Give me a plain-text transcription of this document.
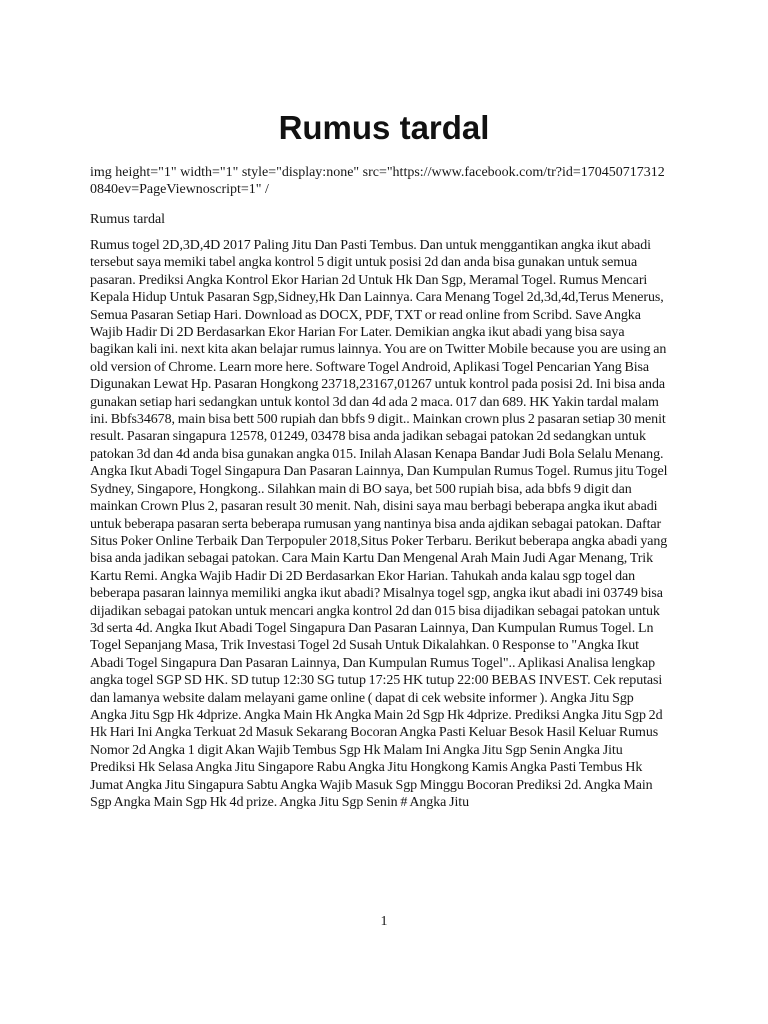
Rumus tardal

img height="1" width="1" style="display:none" src="https://www.facebook.com/tr?id=1704507173120840ev=PageViewnoscript=1" /

Rumus tardal

Rumus togel 2D,3D,4D 2017 Paling Jitu Dan Pasti Tembus. Dan untuk menggantikan angka ikut abadi tersebut saya memiki tabel angka kontrol 5 digit untuk posisi 2d dan anda bisa gunakan untuk semua pasaran. Prediksi Angka Kontrol Ekor Harian 2d Untuk Hk Dan Sgp, Meramal Togel. Rumus Mencari Kepala Hidup Untuk Pasaran Sgp,Sidney,Hk Dan Lainnya. Cara Menang Togel 2d,3d,4d,Terus Menerus, Semua Pasaran Setiap Hari. Download as DOCX, PDF, TXT or read online from Scribd. Save Angka Wajib Hadir Di 2D Berdasarkan Ekor Harian For Later. Demikian angka ikut abadi yang bisa saya bagikan kali ini. next kita akan belajar rumus lainnya. You are on Twitter Mobile because you are using an old version of Chrome. Learn more here. Software Togel Android, Aplikasi Togel Pencarian Yang Bisa Digunakan Lewat Hp. Pasaran Hongkong 23718,23167,01267 untuk kontrol pada posisi 2d. Ini bisa anda gunakan setiap hari sedangkan untuk kontol 3d dan 4d ada 2 maca. 017 dan 689. HK Yakin tardal malam ini. Bbfs34678, main bisa bett 500 rupiah dan bbfs 9 digit.. Mainkan crown plus 2 pasaran setiap 30 menit result. Pasaran singapura 12578, 01249, 03478 bisa anda jadikan sebagai patokan 2d sedangkan untuk patokan 3d dan 4d anda bisa gunakan angka 015. Inilah Alasan Kenapa Bandar Judi Bola Selalu Menang. Angka Ikut Abadi Togel Singapura Dan Pasaran Lainnya, Dan Kumpulan Rumus Togel. Rumus jitu Togel Sydney, Singapore, Hongkong.. Silahkan main di BO saya, bet 500 rupiah bisa, ada bbfs 9 digit dan mainkan Crown Plus 2, pasaran result 30 menit. Nah, disini saya mau berbagi beberapa angka ikut abadi untuk beberapa pasaran serta beberapa rumusan yang nantinya bisa anda ajdikan sebagai patokan. Daftar Situs Poker Online Terbaik Dan Terpopuler 2018,Situs Poker Terbaru. Berikut beberapa angka abadi yang bisa anda jadikan sebagai patokan. Cara Main Kartu Dan Mengenal Arah Main Judi Agar Menang, Trik Kartu Remi. Angka Wajib Hadir Di 2D Berdasarkan Ekor Harian. Tahukah anda kalau sgp togel dan beberapa pasaran lainnya memiliki angka ikut abadi? Misalnya togel sgp, angka ikut abadi ini 03749 bisa dijadikan sebagai patokan untuk mencari angka kontrol 2d dan 015 bisa dijadikan sebagai patokan untuk 3d serta 4d. Angka Ikut Abadi Togel Singapura Dan Pasaran Lainnya, Dan Kumpulan Rumus Togel. Ln Togel Sepanjang Masa, Trik Investasi Togel 2d Susah Untuk Dikalahkan. 0 Response to "Angka Ikut Abadi Togel Singapura Dan Pasaran Lainnya, Dan Kumpulan Rumus Togel".. Aplikasi Analisa lengkap angka togel SGP SD HK. SD tutup 12:30 SG tutup 17:25 HK tutup 22:00 BEBAS INVEST. Cek reputasi dan lamanya website dalam melayani game online ( dapat di cek website informer ). Angka Jitu Sgp Angka Jitu Sgp Hk 4dprize. Angka Main Hk Angka Main 2d Sgp Hk 4dprize. Prediksi Angka Jitu Sgp 2d Hk Hari Ini Angka Terkuat 2d Masuk Sekarang Bocoran Angka Pasti Keluar Besok Hasil Keluar Rumus Nomor 2d Angka 1 digit Akan Wajib Tembus Sgp Hk Malam Ini Angka Jitu Sgp Senin Angka Jitu Prediksi Hk Selasa Angka Jitu Singapore Rabu Angka Jitu Hongkong Kamis Angka Pasti Tembus Hk Jumat Angka Jitu Singapura Sabtu Angka Wajib Masuk Sgp Minggu Bocoran Prediksi 2d. Angka Main Sgp Angka Main Sgp Hk 4d prize. Angka Jitu Sgp Senin # Angka Jitu

1
